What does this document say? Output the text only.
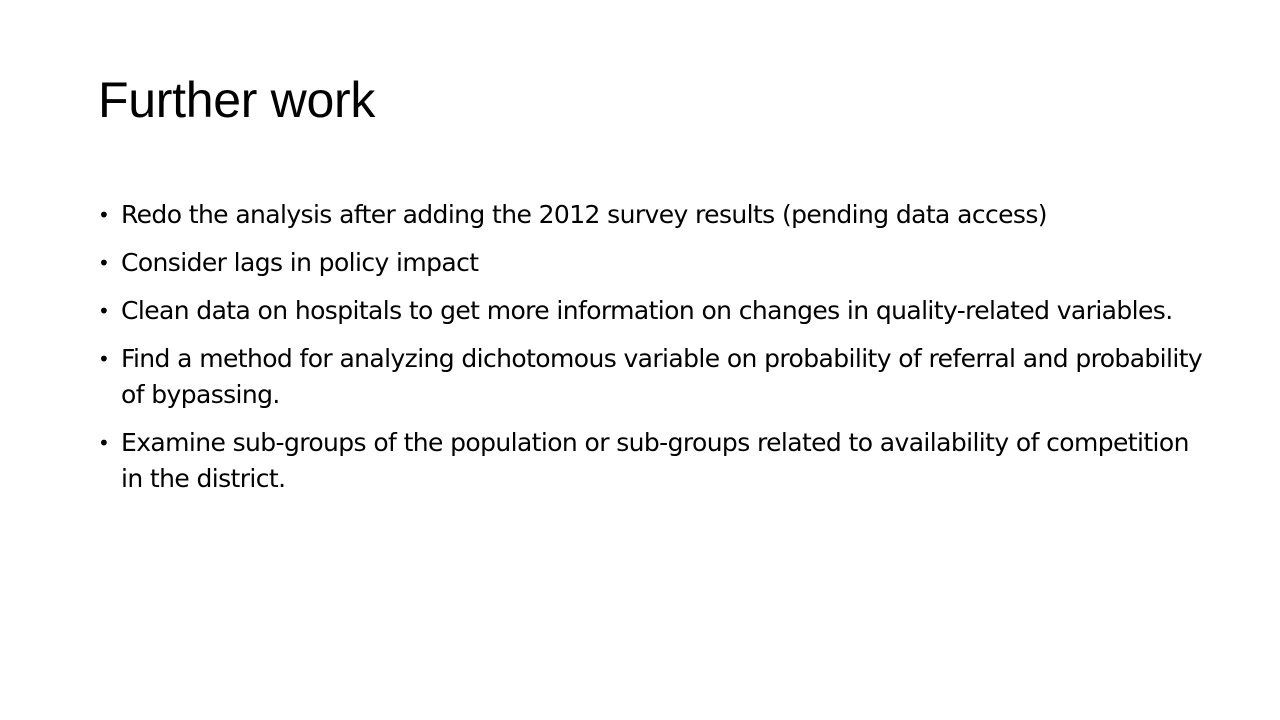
Further work
• Redo the analysis after adding the 2012 survey results (pending data access)
• Consider lags in policy impact
• Clean data on hospitals to get more information on changes in quality-related variables.
• Find a method for analyzing dichotomous variable on probability of referral and probability of bypassing.
• Examine sub-groups of the population or sub-groups related to availability of competition in the district.
